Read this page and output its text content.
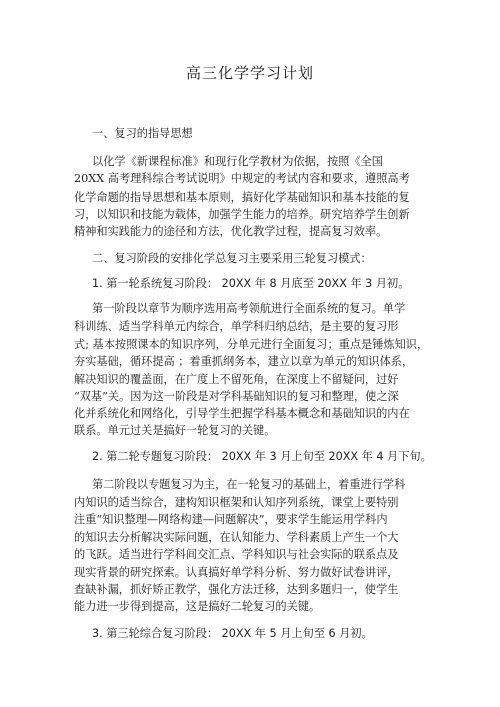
高三化学学习计划
一、复习的指导思想
以化学《新课程标准》和现行化学教材为依据，按照《全国
20XX 高考理科综合考试说明》中规定的考试内容和要求，遵照高考
化学命题的指导思想和基本原则，搞好化学基础知识和基本技能的复
习，以知识和技能为载体，加强学生能力的培养。研究培养学生创新
精神和实践能力的途径和方法，优化教学过程，提高复习效率。
二、复习阶段的安排化学总复习主要采用三轮复习模式：
1. 第一轮系统复习阶段： 20XX 年 8 月底至 20XX 年 3 月初。
第一阶段以章节为顺序选用高考领航进行全面系统的复习。单学
科训练、适当学科单元内综合，单学科归纳总结，是主要的复习形
式; 基本按照课本的知识序列，分单元进行全面复习；重点是锤炼知识，
夯实基础，循环提高 ；着重抓纲务本，建立以章为单元的知识体系，
解决知识的覆盖面，在广度上不留死角，在深度上不留疑问，过好
“双基”关。因为这一阶段是对学科基础知识的复习和整理，使之深
化并系统化和网络化，引导学生把握学科基本概念和基础知识的内在
联系。单元过关是搞好一轮复习的关键。
2. 第二轮专题复习阶段： 20XX 年 3 月上旬至 20XX 年 4 月下旬。
第二阶段以专题复习为主，在一轮复习的基础上，着重进行学科
内知识的适当综合，建构知识框架和认知序列系统，课堂上要特别
注重“知识整理—网络构建—问题解决”，要求学生能运用学科内
的知识去分析解决实际问题，在认知能力、学科素质上产生一个大
的飞跃。适当进行学科间交汇点、学科知识与社会实际的联系点及
现实背景的研究探索。认真搞好单学科分析、努力做好试卷讲评，
查缺补漏，抓好矫正教学，强化方法迁移，达到多题归一，使学生
能力进一步得到提高，这是搞好二轮复习的关键。
3. 第三轮综合复习阶段： 20XX 年 5 月上旬至 6 月初。
